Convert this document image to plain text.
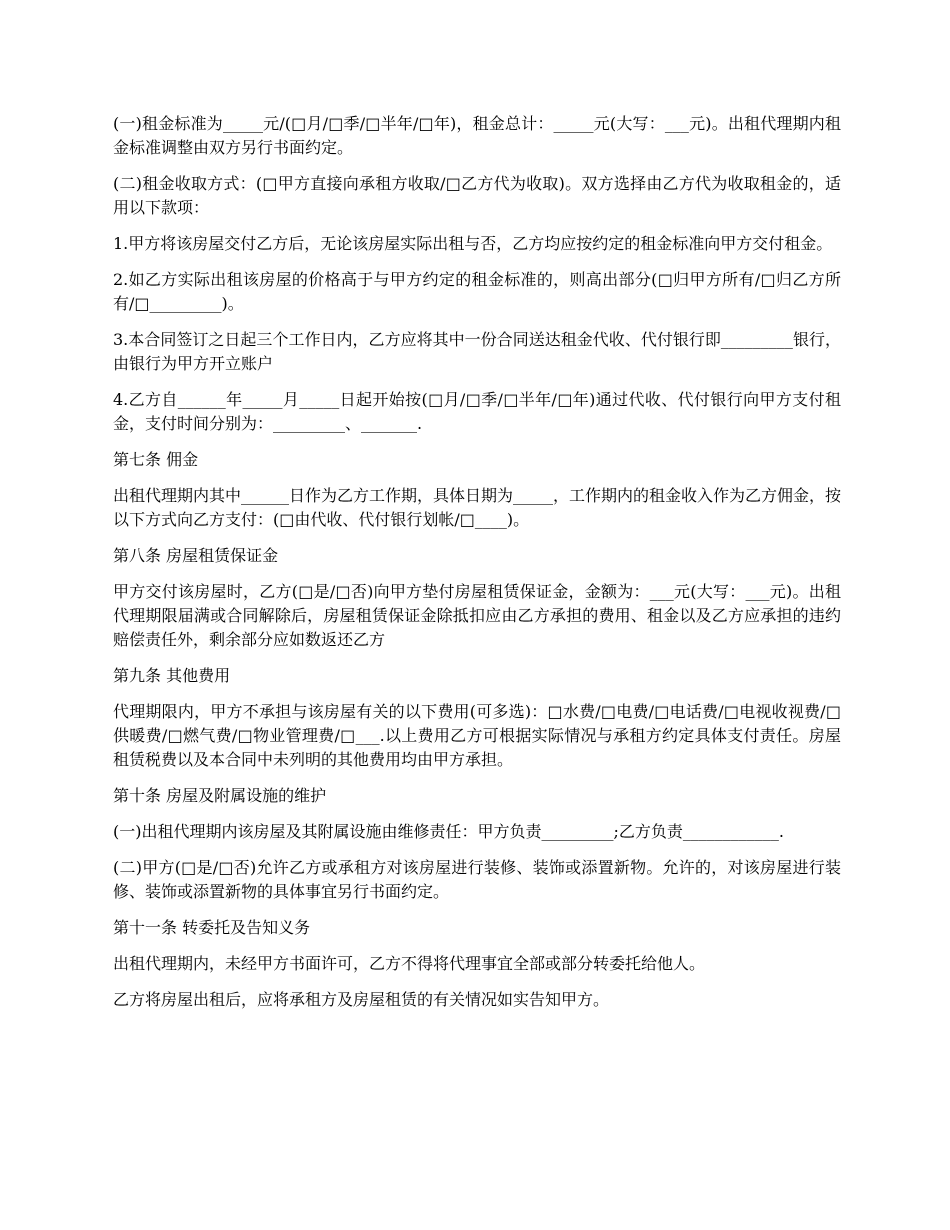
(一)租金标准为_____元/(□月/□季/□半年/□年)，租金总计：_____元(大写：___元)。出租代理期内租金标准调整由双方另行书面约定。

(二)租金收取方式：(□甲方直接向承租方收取/□乙方代为收取)。双方选择由乙方代为收取租金的，适用以下款项：

1.甲方将该房屋交付乙方后，无论该房屋实际出租与否，乙方均应按约定的租金标准向甲方交付租金。

2.如乙方实际出租该房屋的价格高于与甲方约定的租金标准的，则高出部分(□归甲方所有/□归乙方所有/□_________)。

3.本合同签订之日起三个工作日内，乙方应将其中一份合同送达租金代收、代付银行即_________银行，由银行为甲方开立账户

4.乙方自______年_____月_____日起开始按(□月/□季/□半年/□年)通过代收、代付银行向甲方支付租金，支付时间分别为：_________、_______.

第七条 佣金

出租代理期内其中______日作为乙方工作期，具体日期为_____，工作期内的租金收入作为乙方佣金，按以下方式向乙方支付：(□由代收、代付银行划帐/□____)。

第八条 房屋租赁保证金

甲方交付该房屋时，乙方(□是/□否)向甲方垫付房屋租赁保证金，金额为：___元(大写：___元)。出租代理期限届满或合同解除后，房屋租赁保证金除抵扣应由乙方承担的费用、租金以及乙方应承担的违约赔偿责任外，剩余部分应如数返还乙方

第九条 其他费用

代理期限内，甲方不承担与该房屋有关的以下费用(可多选)：□水费/□电费/□电话费/□电视收视费/□供暖费/□燃气费/□物业管理费/□___.以上费用乙方可根据实际情况与承租方约定具体支付责任。房屋租赁税费以及本合同中未列明的其他费用均由甲方承担。

第十条 房屋及附属设施的维护

(一)出租代理期内该房屋及其附属设施由维修责任：甲方负责_________;乙方负责____________.

(二)甲方(□是/□否)允许乙方或承租方对该房屋进行装修、装饰或添置新物。允许的，对该房屋进行装修、装饰或添置新物的具体事宜另行书面约定。

第十一条 转委托及告知义务

出租代理期内，未经甲方书面许可，乙方不得将代理事宜全部或部分转委托给他人。

乙方将房屋出租后，应将承租方及房屋租赁的有关情况如实告知甲方。
